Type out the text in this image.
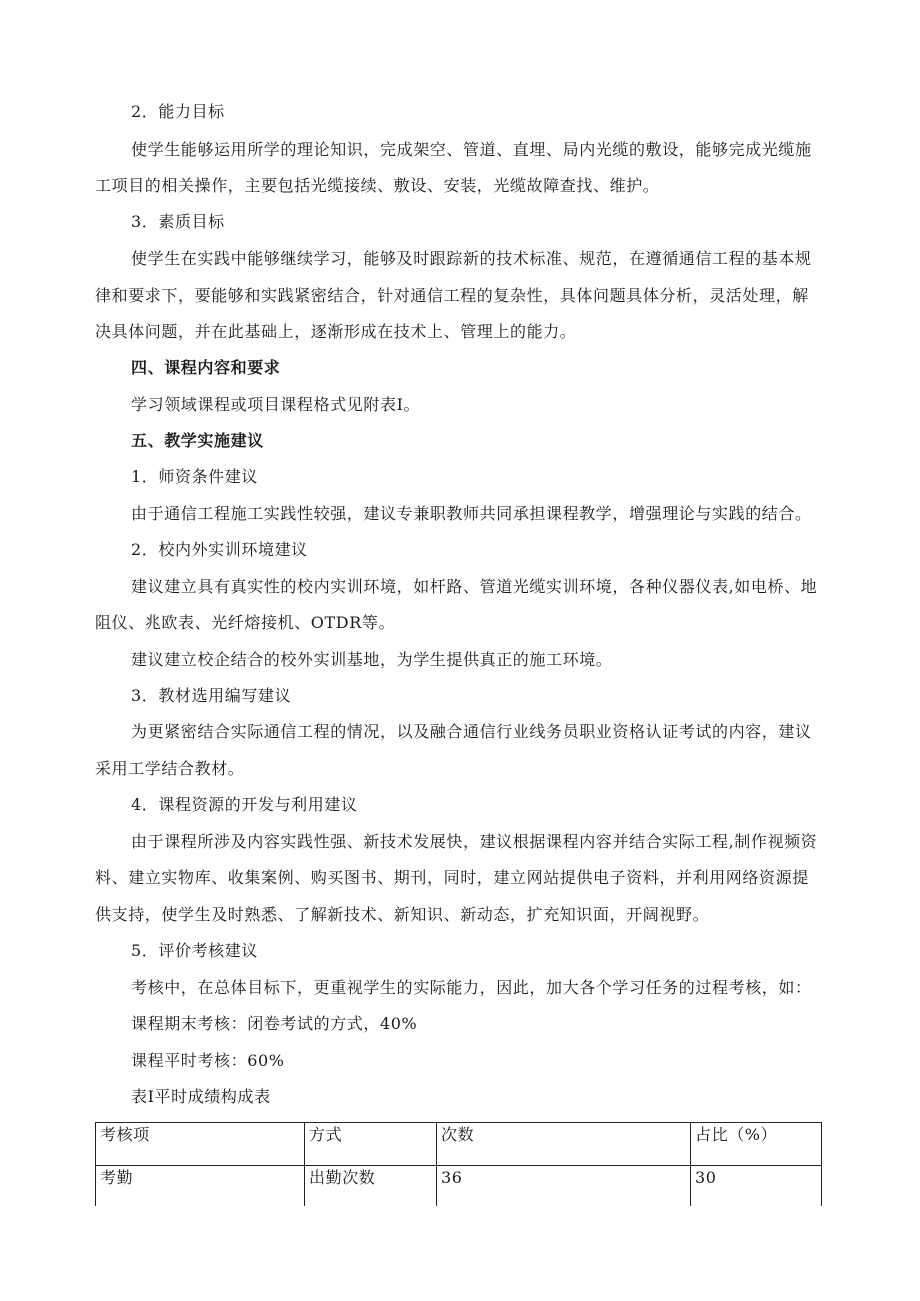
2．能力目标
使学生能够运用所学的理论知识，完成架空、管道、直埋、局内光缆的敷设，能够完成光缆施
工项目的相关操作，主要包括光缆接续、敷设、安装，光缆故障查找、维护。
3．素质目标
使学生在实践中能够继续学习，能够及时跟踪新的技术标准、规范，在遵循通信工程的基本规
律和要求下，要能够和实践紧密结合，针对通信工程的复杂性，具体问题具体分析，灵活处理，解
决具体问题，并在此基础上，逐渐形成在技术上、管理上的能力。
四、课程内容和要求
学习领域课程或项目课程格式见附表Ⅰ。
五、教学实施建议
1．师资条件建议
由于通信工程施工实践性较强，建议专兼职教师共同承担课程教学，增强理论与实践的结合。
2．校内外实训环境建议
建议建立具有真实性的校内实训环境，如杆路、管道光缆实训环境，各种仪器仪表,如电桥、地
阻仪、兆欧表、光纤熔接机、OTDR等。
建议建立校企结合的校外实训基地，为学生提供真正的施工环境。
3．教材选用编写建议
为更紧密结合实际通信工程的情况，以及融合通信行业线务员职业资格认证考试的内容，建议
采用工学结合教材。
4．课程资源的开发与利用建议
由于课程所涉及内容实践性强、新技术发展快，建议根据课程内容并结合实际工程,制作视频资
料、建立实物库、收集案例、购买图书、期刊，同时，建立网站提供电子资料，并利用网络资源提
供支持，使学生及时熟悉、了解新技术、新知识、新动态，扩充知识面，开阔视野。
5．评价考核建议
考核中，在总体目标下，更重视学生的实际能力，因此，加大各个学习任务的过程考核，如：
课程期末考核：闭卷考试的方式，40%
课程平时考核：60%
表Ⅰ平时成绩构成表
考核项	方式	次数	占比（%）
考勤	出勤次数	36	30
